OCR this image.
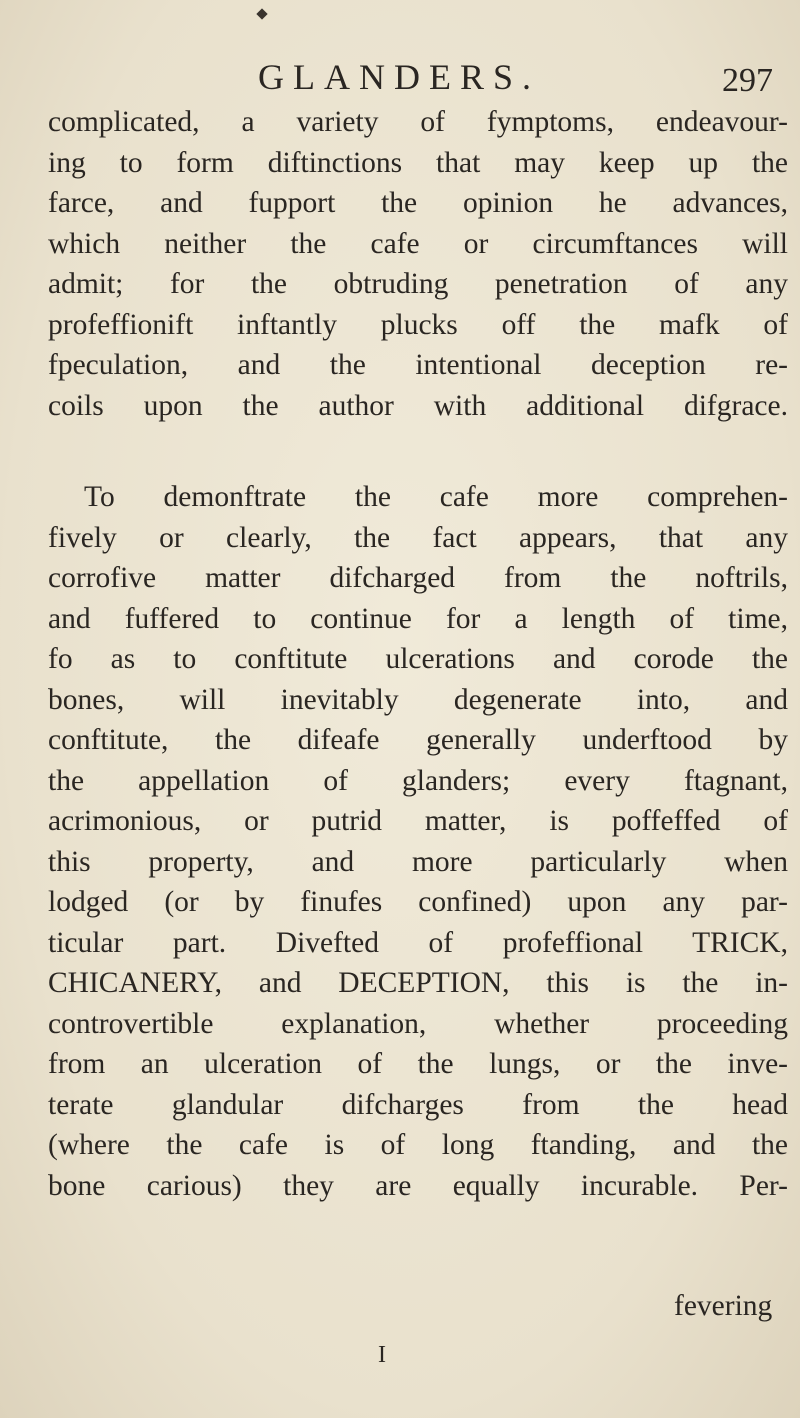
GLANDERS.	297
complicated, a variety of fymptoms, endeavour-
ing to form diftinctions that may keep up the
farce, and fupport the opinion he advances,
which neither the cafe or circumftances will
admit; for the obtruding penetration of any
profeffionift inftantly plucks off the mafk of
fpeculation, and the intentional deception re-
coils upon the author with additional difgrace.
To demonftrate the cafe more comprehen-
fively or clearly, the fact appears, that any
corrofive matter difcharged from the noftrils,
and fuffered to continue for a length of time,
fo as to conftitute ulcerations and corode the
bones, will inevitably degenerate into, and
conftitute, the difeafe generally underftood by
the appellation of glanders; every ftagnant,
acrimonious, or putrid matter, is poffeffed of
this property, and more particularly when
lodged (or by finufes confined) upon any par-
ticular part. Divefted of profeffional TRICK,
CHICANERY, and DECEPTION, this is the in-
controvertible explanation, whether proceeding
from an ulceration of the lungs, or the inve-
terate glandular difcharges from the head
(where the cafe is of long ftanding, and the
bone carious) they are equally incurable. Per-
fevering
I
